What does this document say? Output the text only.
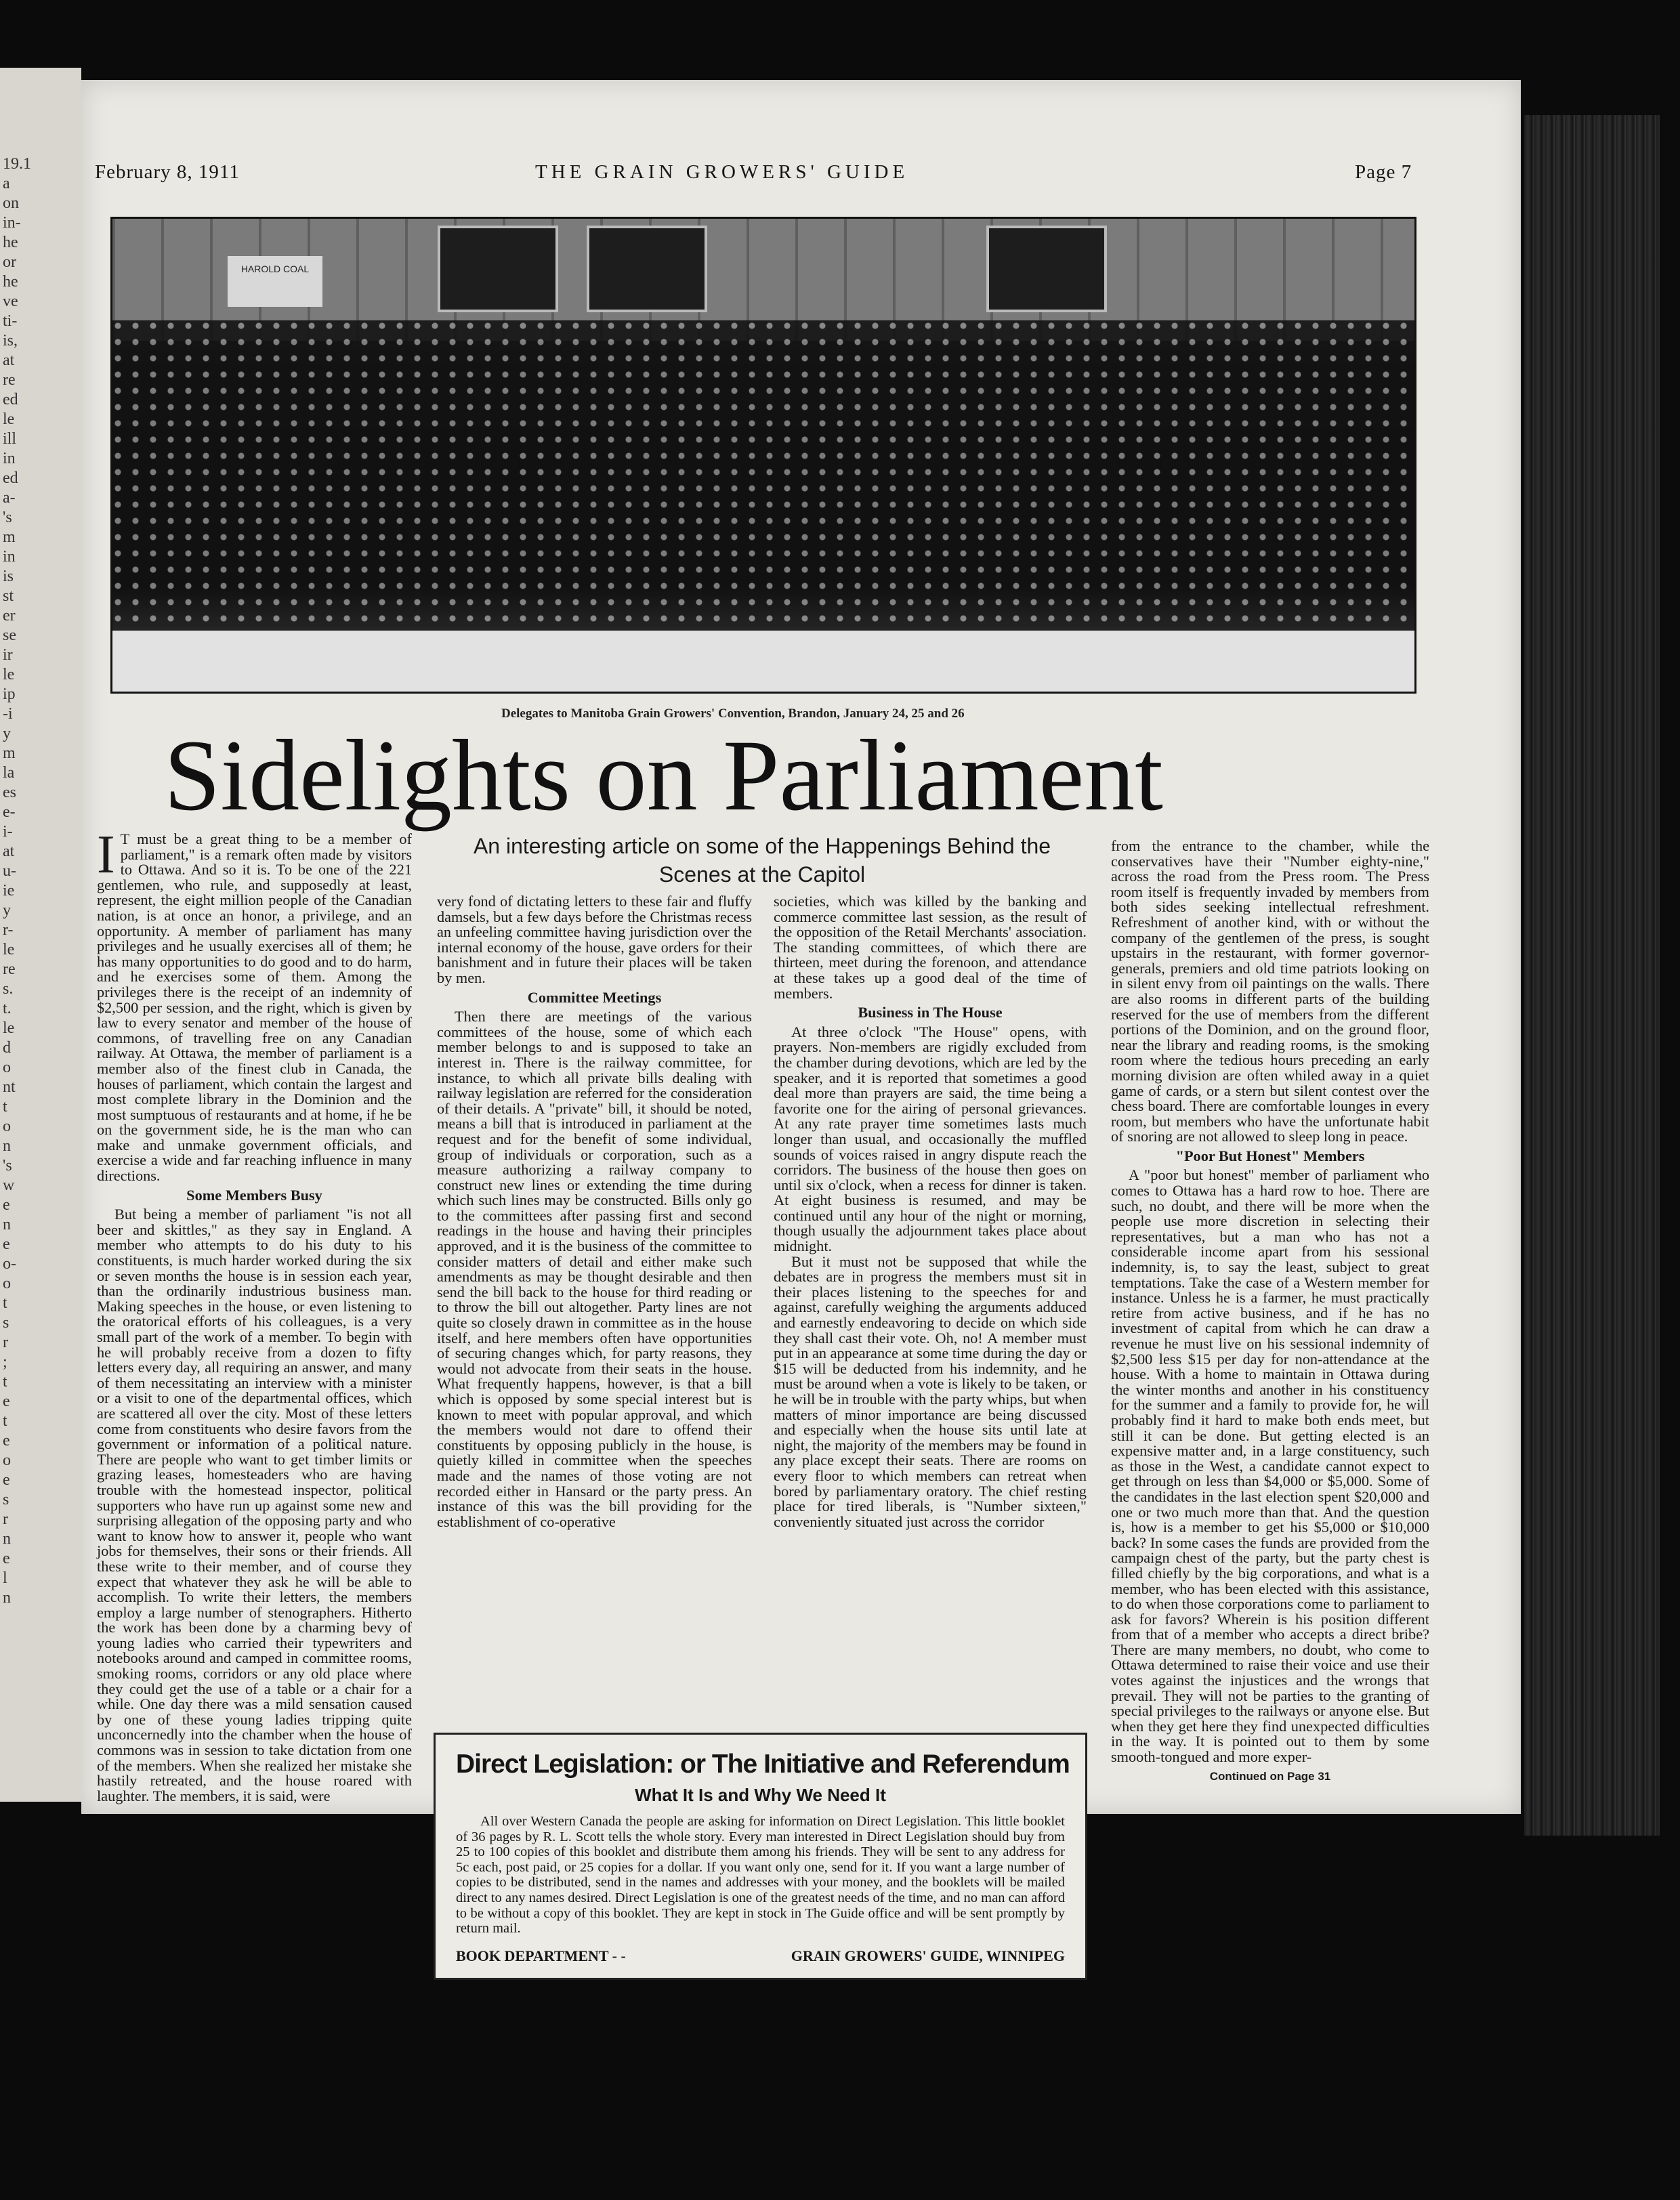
19.1
a
on
in-
he
or
he
ve
ti-
is,
at
re
ed
le
ill
in
ed
a-
's
m
in
is
st
er
se
ir
le
ip
-i
y
m
la
es
e-
i-
at
u-
ie
y
r-
le
re
s.
t.
le
d
o
nt
t
o
n
's
w
e
n
e
o-
o
t
s
r
;
t
e
t
e
o
e
s
r
n
e
l
n
February 8, 1911	THE GRAIN GROWERS' GUIDE	Page 7
HAROLD COAL
Delegates to Manitoba Grain Growers' Convention, Brandon, January 24, 25 and 26
Sidelights on Parliament
An interesting article on some of the Happenings Behind the Scenes at the Capitol
I T must be a great thing to be a member of parliament," is a remark often made by visitors to Ottawa. And so it is. To be one of the 221 gentlemen, who rule, and supposedly at least, represent, the eight million people of the Canadian nation, is at once an honor, a privilege, and an opportunity. A member of parliament has many privileges and he usually exercises all of them; he has many opportunities to do good and to do harm, and he exercises some of them. Among the privileges there is the receipt of an indemnity of $2,500 per session, and the right, which is given by law to every senator and member of the house of commons, of travelling free on any Canadian railway. At Ottawa, the member of parliament is a member also of the finest club in Canada, the houses of parliament, which contain the largest and most complete library in the Dominion and the most sumptuous of restaurants and at home, if he be on the government side, he is the man who can make and unmake government officials, and exercise a wide and far reaching influence in many directions.

Some Members Busy

But being a member of parliament "is not all beer and skittles," as they say in England. A member who attempts to do his duty to his constituents, is much harder worked during the six or seven months the house is in session each year, than the ordinarily industrious business man. Making speeches in the house, or even listening to the oratorical efforts of his colleagues, is a very small part of the work of a member. To begin with he will probably receive from a dozen to fifty letters every day, all requiring an answer, and many of them necessitating an interview with a minister or a visit to one of the departmental offices, which are scattered all over the city. Most of these letters come from constituents who desire favors from the government or information of a political nature. There are people who want to get timber limits or grazing leases, homesteaders who are having trouble with the homestead inspector, political supporters who have run up against some new and surprising allegation of the opposing party and who want to know how to answer it, people who want jobs for themselves, their sons or their friends. All these write to their member, and of course they expect that whatever they ask he will be able to accomplish. To write their letters, the members employ a large number of stenographers. Hitherto the work has been done by a charming bevy of young ladies who carried their typewriters and notebooks around and camped in committee rooms, smoking rooms, corridors or any old place where they could get the use of a table or a chair for a while. One day there was a mild sensation caused by one of these young ladies tripping quite unconcernedly into the chamber when the house of commons was in session to take dictation from one of the members. When she realized her mistake she hastily retreated, and the house roared with laughter. The members, it is said, were

very fond of dictating letters to these fair and fluffy damsels, but a few days before the Christmas recess an unfeeling committee having jurisdiction over the internal economy of the house, gave orders for their banishment and in future their places will be taken by men.

Committee Meetings

Then there are meetings of the various committees of the house, some of which each member belongs to and is supposed to take an interest in. There is the railway committee, for instance, to which all private bills dealing with railway legislation are referred for the consideration of their details. A "private" bill, it should be noted, means a bill that is introduced in parliament at the request and for the benefit of some individual, group of individuals or corporation, such as a measure authorizing a railway company to construct new lines or extending the time during which such lines may be constructed. Bills only go to the committees after passing first and second readings in the house and having their principles approved, and it is the business of the committee to consider matters of detail and either make such amendments as may be thought desirable and then send the bill back to the house for third reading or to throw the bill out altogether. Party lines are not quite so closely drawn in committee as in the house itself, and here members often have opportunities of securing changes which, for party reasons, they would not advocate from their seats in the house. What frequently happens, however, is that a bill which is opposed by some special interest but is known to meet with popular approval, and which the members would not dare to offend their constituents by opposing publicly in the house, is quietly killed in committee when the speeches made and the names of those voting are not recorded either in Hansard or the party press. An instance of this was the bill providing for the establishment of co-operative

societies, which was killed by the banking and commerce committee last session, as the result of the opposition of the Retail Merchants' association. The standing committees, of which there are thirteen, meet during the forenoon, and attendance at these takes up a good deal of the time of members.

Business in The House

At three o'clock "The House" opens, with prayers. Non-members are rigidly excluded from the chamber during devotions, which are led by the speaker, and it is reported that sometimes a good deal more than prayers are said, the time being a favorite one for the airing of personal grievances. At any rate prayer time sometimes lasts much longer than usual, and occasionally the muffled sounds of voices raised in angry dispute reach the corridors. The business of the house then goes on until six o'clock, when a recess for dinner is taken. At eight business is resumed, and may be continued until any hour of the night or morning, though usually the adjournment takes place about midnight.

But it must not be supposed that while the debates are in progress the members must sit in their places listening to the speeches for and against, carefully weighing the arguments adduced and earnestly endeavoring to decide on which side they shall cast their vote. Oh, no! A member must put in an appearance at some time during the day or $15 will be deducted from his indemnity, and he must be around when a vote is likely to be taken, or he will be in trouble with the party whips, but when matters of minor importance are being discussed and especially when the house sits until late at night, the majority of the members may be found in any place except their seats. There are rooms on every floor to which members can retreat when bored by parliamentary oratory. The chief resting place for tired liberals, is "Number sixteen," conveniently situated just across the corridor

from the entrance to the chamber, while the conservatives have their "Number eighty-nine," across the road from the Press room. The Press room itself is frequently invaded by members from both sides seeking intellectual refreshment. Refreshment of another kind, with or without the company of the gentlemen of the press, is sought upstairs in the restaurant, with former governor-generals, premiers and old time patriots looking on in silent envy from oil paintings on the walls. There are also rooms in different parts of the building reserved for the use of members from the different portions of the Dominion, and on the ground floor, near the library and reading rooms, is the smoking room where the tedious hours preceding an early morning division are often whiled away in a quiet game of cards, or a stern but silent contest over the chess board. There are comfortable lounges in every room, but members who have the unfortunate habit of snoring are not allowed to sleep long in peace.

"Poor But Honest" Members

A "poor but honest" member of parliament who comes to Ottawa has a hard row to hoe. There are such, no doubt, and there will be more when the people use more discretion in selecting their representatives, but a man who has not a considerable income apart from his sessional indemnity, is, to say the least, subject to great temptations. Take the case of a Western member for instance. Unless he is a farmer, he must practically retire from active business, and if he has no investment of capital from which he can draw a revenue he must live on his sessional indemnity of $2,500 less $15 per day for non-attendance at the house. With a home to maintain in Ottawa during the winter months and another in his constituency for the summer and a family to provide for, he will probably find it hard to make both ends meet, but still it can be done. But getting elected is an expensive matter and, in a large constituency, such as those in the West, a candidate cannot expect to get through on less than $4,000 or $5,000. Some of the candidates in the last election spent $20,000 and one or two much more than that. And the question is, how is a member to get his $5,000 or $10,000 back? In some cases the funds are provided from the campaign chest of the party, but the party chest is filled chiefly by the big corporations, and what is a member, who has been elected with this assistance, to do when those corporations come to parliament to ask for favors? Wherein is his position different from that of a member who accepts a direct bribe? There are many members, no doubt, who come to Ottawa determined to raise their voice and use their votes against the injustices and the wrongs that prevail. They will not be parties to the granting of special privileges to the railways or anyone else. But when they get here they find unexpected difficulties in the way. It is pointed out to them by some smooth-tongued and more exper-

Continued on Page 31

Direct Legislation: or The Initiative and Referendum
What It Is and Why We Need It
All over Western Canada the people are asking for information on Direct Legislation. This little booklet of 36 pages by R. L. Scott tells the whole story. Every man interested in Direct Legislation should buy from 25 to 100 copies of this booklet and distribute them among his friends. They will be sent to any address for 5c each, post paid, or 25 copies for a dollar. If you want only one, send for it. If you want a large number of copies to be distributed, send in the names and addresses with your money, and the booklets will be mailed direct to any names desired. Direct Legislation is one of the greatest needs of the time, and no man can afford to be without a copy of this booklet. They are kept in stock in The Guide office and will be sent promptly by return mail.
BOOK DEPARTMENT - -	GRAIN GROWERS' GUIDE, WINNIPEG
